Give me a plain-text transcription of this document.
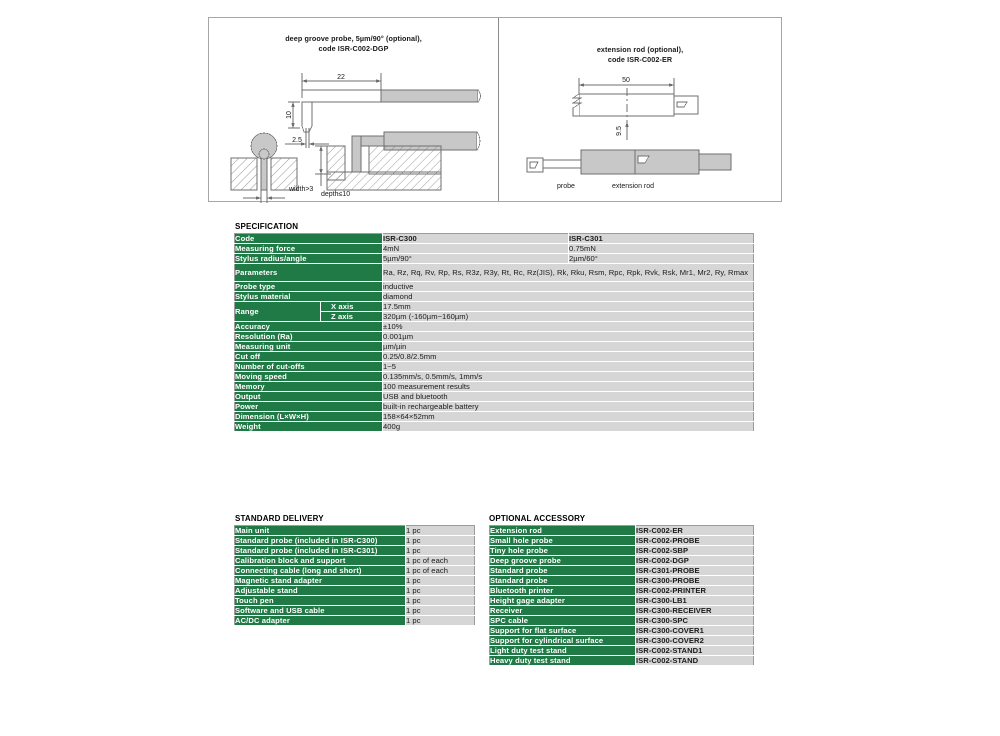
deep groove probe, 5µm/90° (optional),
code ISR-C002-DGP
22
10
2.5
width>3
depth≤10
extension rod (optional),
code ISR-C002-ER
50
9.5
probe	extension rod
SPECIFICATION
Code		ISR-C300	ISR-C301
Measuring force		4mN	0.75mN
Stylus radius/angle		5µm/90°	2µm/60°
Parameters		Ra, Rz, Rq, Rv, Rp, Rs, R3z, R3y, Rt, Rc, Rz(JIS), Rk, Rku, Rsm, Rpc, Rpk, Rvk, Rsk, Mr1, Mr2, Ry, Rmax	
Probe type		inductive	
Stylus material		diamond	
Range	X axis	17.5mm	
	Z axis	320µm (-160µm~160µm)	
Accuracy		±10%	
Resolution (Ra)		0.001µm	
Measuring unit		µm/µin	
Cut off		0.25/0.8/2.5mm	
Number of cut-offs		1~5	
Moving speed		0.135mm/s, 0.5mm/s, 1mm/s	
Memory		100 measurement results	
Output		USB and bluetooth	
Power		built-in rechargeable battery	
Dimension (L×W×H)		158×64×52mm	
Weight		400g	
STANDARD DELIVERY
Main unit	1 pc
Standard probe (included in ISR-C300)	1 pc
Standard probe (included in ISR-C301)	1 pc
Calibration block and support	1 pc of each
Connecting cable (long and short)	1 pc of each
Magnetic stand adapter	1 pc
Adjustable stand	1 pc
Touch pen	1 pc
Software and USB cable	1 pc
AC/DC adapter	1 pc
OPTIONAL ACCESSORY
Extension rod	ISR-C002-ER
Small hole probe	ISR-C002-PROBE
Tiny hole probe	ISR-C002-SBP
Deep groove probe	ISR-C002-DGP
Standard probe	ISR-C301-PROBE
Standard probe	ISR-C300-PROBE
Bluetooth printer	ISR-C002-PRINTER
Height gage adapter	ISR-C300-LB1
Receiver	ISR-C300-RECEIVER
SPC cable	ISR-C300-SPC
Support for flat surface	ISR-C300-COVER1
Support for cylindrical surface	ISR-C300-COVER2
Light duty test stand	ISR-C002-STAND1
Heavy duty test stand	ISR-C002-STAND
